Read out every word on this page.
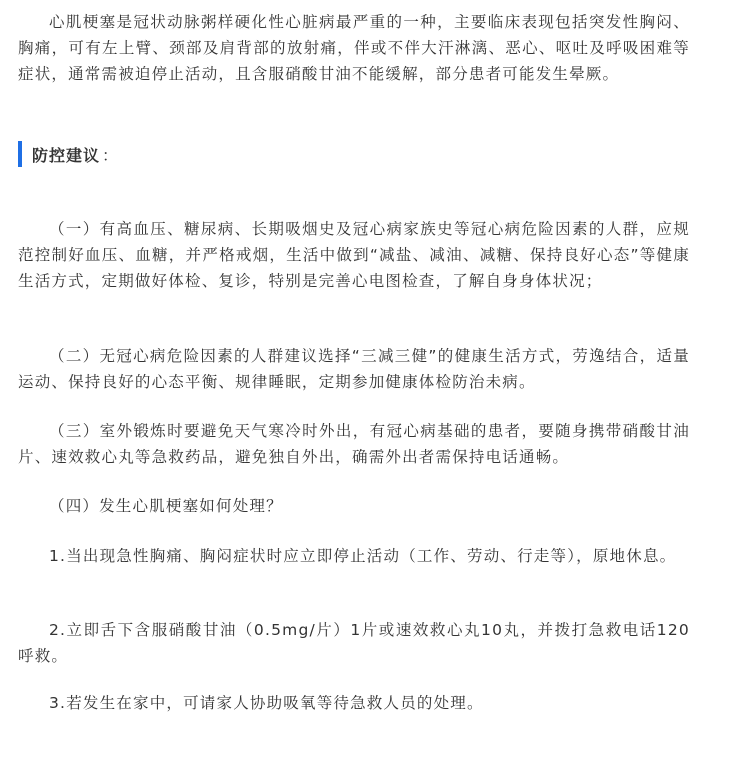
心肌梗塞是冠状动脉粥样硬化性心脏病最严重的一种，主要临床表现包括突发性胸闷、胸痛，可有左上臂、颈部及肩背部的放射痛，伴或不伴大汗淋漓、恶心、呕吐及呼吸困难等症状，通常需被迫停止活动，且含服硝酸甘油不能缓解，部分患者可能发生晕厥。

防控建议 ：

（一）有高血压、糖尿病、长期吸烟史及冠心病家族史等冠心病危险因素的人群，应规范控制好血压、血糖，并严格戒烟，生活中做到“减盐、减油、减糖、保持良好心态”等健康生活方式，定期做好体检、复诊，特别是完善心电图检查，了解自身身体状况；

（二）无冠心病危险因素的人群建议选择“三减三健”的健康生活方式，劳逸结合，适量运动、保持良好的心态平衡、规律睡眠，定期参加健康体检防治未病。

（三）室外锻炼时要避免天气寒冷时外出，有冠心病基础的患者，要随身携带硝酸甘油片、速效救心丸等急救药品，避免独自外出，确需外出者需保持电话通畅。

（四）发生心肌梗塞如何处理？

1.当出现急性胸痛、胸闷症状时应立即停止活动（工作、劳动、行走等），原地休息。

2.立即舌下含服硝酸甘油（0.5mg/片）1片或速效救心丸10丸，并拨打急救电话120呼救。

3.若发生在家中，可请家人协助吸氧等待急救人员的处理。
